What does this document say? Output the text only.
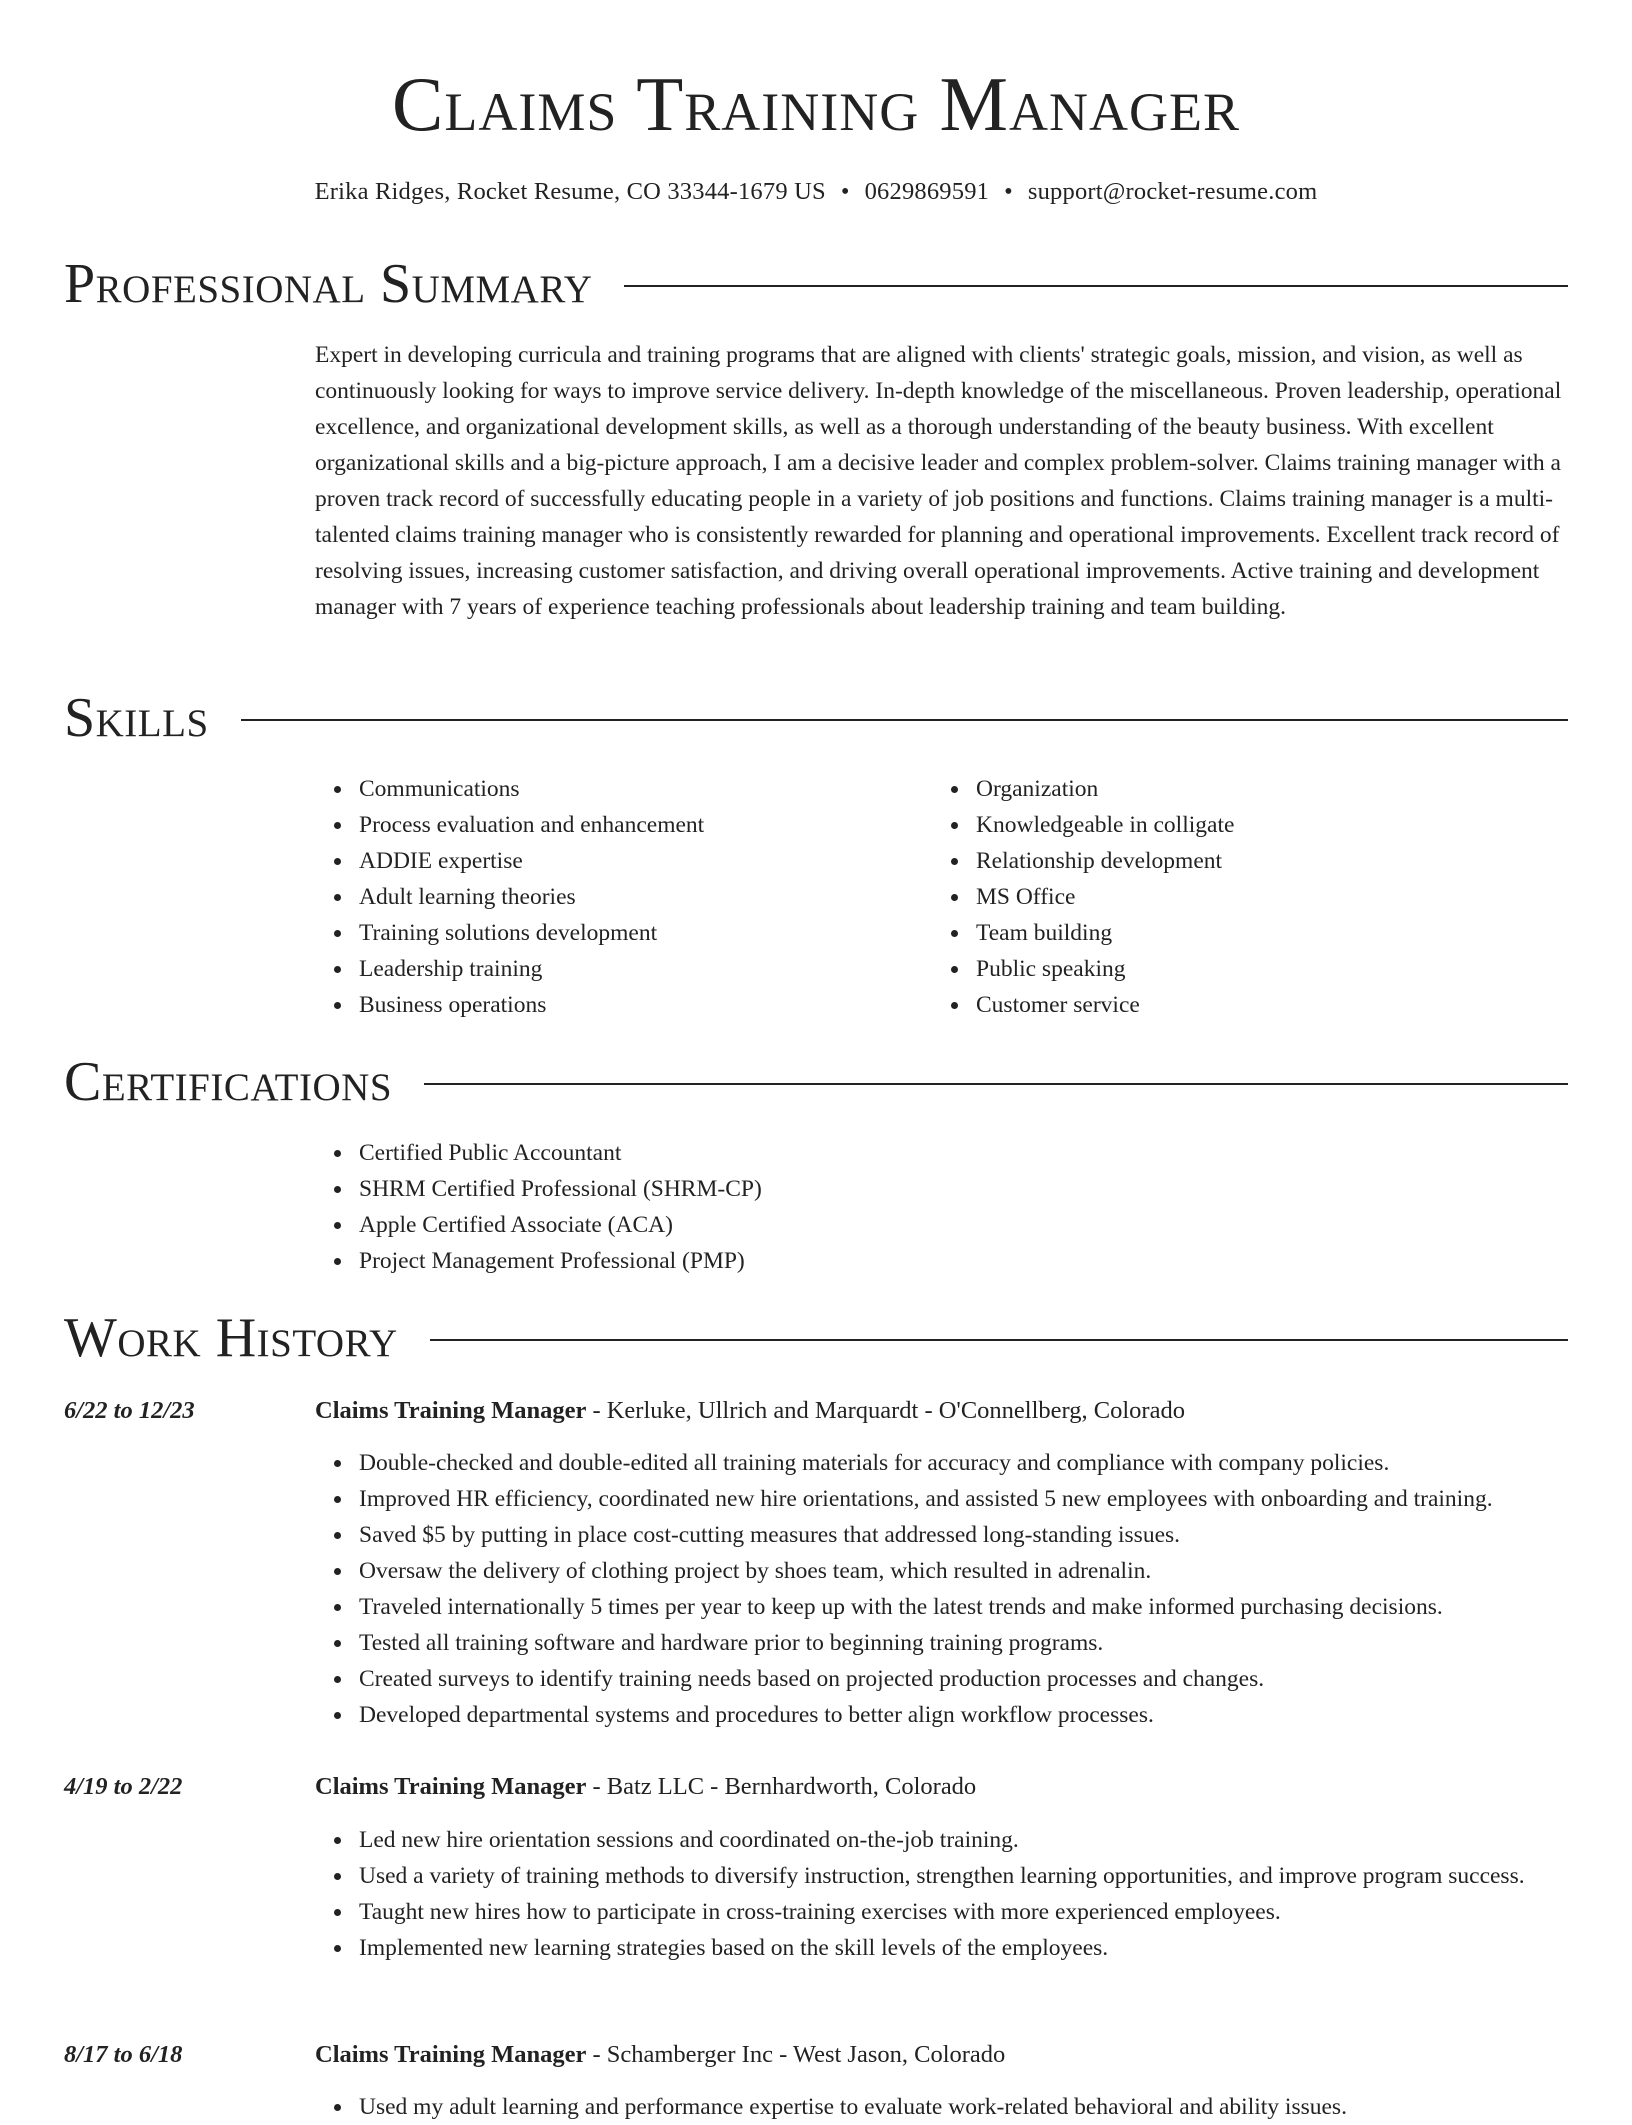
Claims Training Manager
Erika Ridges, Rocket Resume, CO 33344-1679 US • 0629869591 • support@rocket-resume.com
Professional Summary

Expert in developing curricula and training programs that are aligned with clients' strategic goals, mission, and vision, as well as continuously looking for ways to improve service delivery. In-depth knowledge of the miscellaneous. Proven leadership, operational excellence, and organizational development skills, as well as a thorough understanding of the beauty business. With excellent organizational skills and a big-picture approach, I am a decisive leader and complex problem-solver. Claims training manager with a proven track record of successfully educating people in a variety of job positions and functions. Claims training manager is a multi-talented claims training manager who is consistently rewarded for planning and operational improvements. Excellent track record of resolving issues, increasing customer satisfaction, and driving overall operational improvements. Active training and development manager with 7 years of experience teaching professionals about leadership training and team building.

Skills
Communications
Process evaluation and enhancement
ADDIE expertise
Adult learning theories
Training solutions development
Leadership training
Business operations
Organization
Knowledgeable in colligate
Relationship development
MS Office
Team building
Public speaking
Customer service
Certifications
Certified Public Accountant
SHRM Certified Professional (SHRM-CP)
Apple Certified Associate (ACA)
Project Management Professional (PMP)
Work History
6/22 to 12/23	Claims Training Manager - Kerluke, Ullrich and Marquardt - O'Connellberg, Colorado
Double-checked and double-edited all training materials for accuracy and compliance with company policies.
Improved HR efficiency, coordinated new hire orientations, and assisted 5 new employees with onboarding and training.
Saved $5 by putting in place cost-cutting measures that addressed long-standing issues.
Oversaw the delivery of clothing project by shoes team, which resulted in adrenalin.
Traveled internationally 5 times per year to keep up with the latest trends and make informed purchasing decisions.
Tested all training software and hardware prior to beginning training programs.
Created surveys to identify training needs based on projected production processes and changes.
Developed departmental systems and procedures to better align workflow processes.
4/19 to 2/22	Claims Training Manager - Batz LLC - Bernhardworth, Colorado
Led new hire orientation sessions and coordinated on-the-job training.
Used a variety of training methods to diversify instruction, strengthen learning opportunities, and improve program success.
Taught new hires how to participate in cross-training exercises with more experienced employees.
Implemented new learning strategies based on the skill levels of the employees.
8/17 to 6/18	Claims Training Manager - Schamberger Inc - West Jason, Colorado
Used my adult learning and performance expertise to evaluate work-related behavioral and ability issues.
